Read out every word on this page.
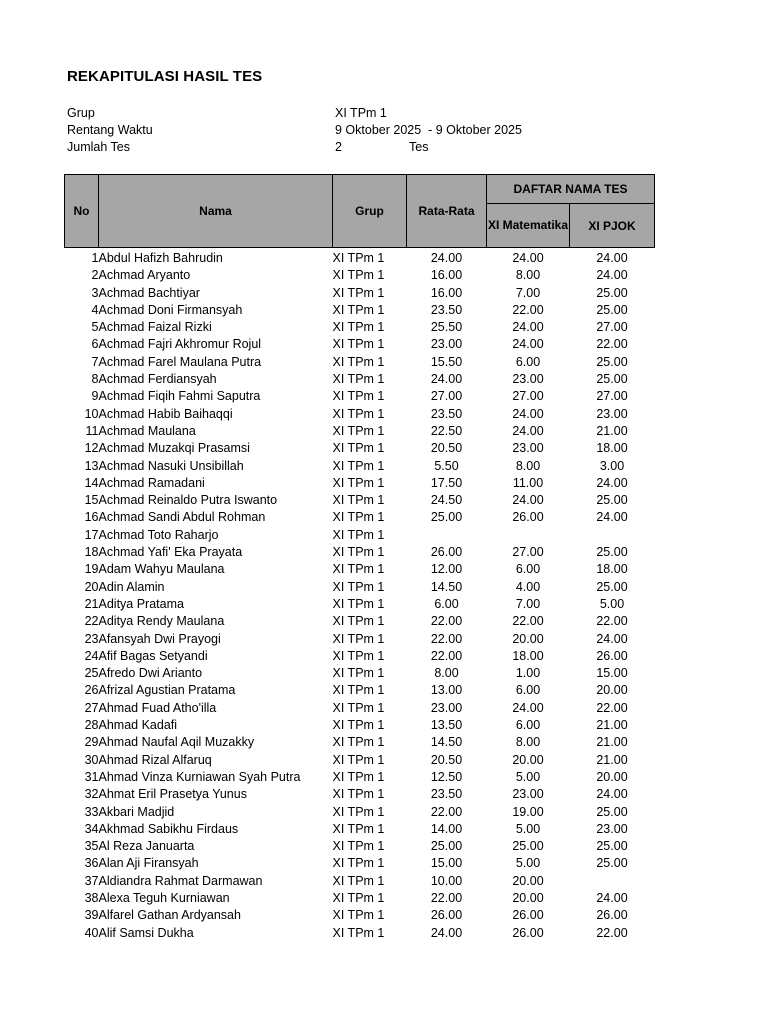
REKAPITULASI HASIL TES
Grup	XI TPm 1
Rentang Waktu	9 Oktober 2025  - 9 Oktober 2025
Jumlah Tes	2	Tes
No	Nama	Grup	Rata-Rata	DAFTAR NAMA TES	
				XI Matematika	XI PJOK
1	Abdul Hafizh Bahrudin	XI TPm 1	24.00	24.00	24.00
2	Achmad Aryanto	XI TPm 1	16.00	8.00	24.00
3	Achmad Bachtiyar	XI TPm 1	16.00	7.00	25.00
4	Achmad Doni Firmansyah	XI TPm 1	23.50	22.00	25.00
5	Achmad Faizal Rizki	XI TPm 1	25.50	24.00	27.00
6	Achmad Fajri Akhromur Rojul	XI TPm 1	23.00	24.00	22.00
7	Achmad Farel Maulana Putra	XI TPm 1	15.50	6.00	25.00
8	Achmad Ferdiansyah	XI TPm 1	24.00	23.00	25.00
9	Achmad Fiqih Fahmi Saputra	XI TPm 1	27.00	27.00	27.00
10	Achmad Habib Baihaqqi	XI TPm 1	23.50	24.00	23.00
11	Achmad Maulana	XI TPm 1	22.50	24.00	21.00
12	Achmad Muzakqi Prasamsi	XI TPm 1	20.50	23.00	18.00
13	Achmad Nasuki Unsibillah	XI TPm 1	5.50	8.00	3.00
14	Achmad Ramadani	XI TPm 1	17.50	11.00	24.00
15	Achmad Reinaldo Putra Iswanto	XI TPm 1	24.50	24.00	25.00
16	Achmad Sandi Abdul Rohman	XI TPm 1	25.00	26.00	24.00
17	Achmad Toto Raharjo	XI TPm 1			
18	Achmad Yafi' Eka Prayata	XI TPm 1	26.00	27.00	25.00
19	Adam Wahyu Maulana	XI TPm 1	12.00	6.00	18.00
20	Adin Alamin	XI TPm 1	14.50	4.00	25.00
21	Aditya Pratama	XI TPm 1	6.00	7.00	5.00
22	Aditya Rendy Maulana	XI TPm 1	22.00	22.00	22.00
23	Afansyah Dwi Prayogi	XI TPm 1	22.00	20.00	24.00
24	Afif Bagas Setyandi	XI TPm 1	22.00	18.00	26.00
25	Afredo Dwi Arianto	XI TPm 1	8.00	1.00	15.00
26	Afrizal Agustian Pratama	XI TPm 1	13.00	6.00	20.00
27	Ahmad Fuad Atho'illa	XI TPm 1	23.00	24.00	22.00
28	Ahmad Kadafi	XI TPm 1	13.50	6.00	21.00
29	Ahmad Naufal Aqil Muzakky	XI TPm 1	14.50	8.00	21.00
30	Ahmad Rizal Alfaruq	XI TPm 1	20.50	20.00	21.00
31	Ahmad Vinza Kurniawan Syah Putra	XI TPm 1	12.50	5.00	20.00
32	Ahmat Eril Prasetya Yunus	XI TPm 1	23.50	23.00	24.00
33	Akbari Madjid	XI TPm 1	22.00	19.00	25.00
34	Akhmad Sabikhu Firdaus	XI TPm 1	14.00	5.00	23.00
35	Al Reza Januarta	XI TPm 1	25.00	25.00	25.00
36	Alan Aji Firansyah	XI TPm 1	15.00	5.00	25.00
37	Aldiandra Rahmat Darmawan	XI TPm 1	10.00	20.00	
38	Alexa Teguh Kurniawan	XI TPm 1	22.00	20.00	24.00
39	Alfarel Gathan Ardyansah	XI TPm 1	26.00	26.00	26.00
40	Alif Samsi Dukha	XI TPm 1	24.00	26.00	22.00
